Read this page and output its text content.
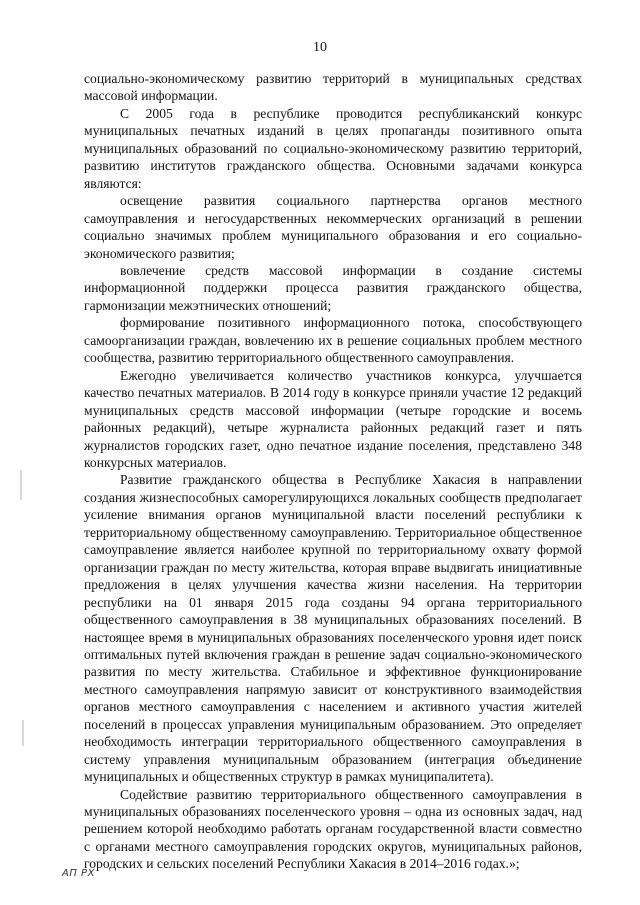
10

социально-экономическому развитию территорий в муниципальных средствах массовой информации.

С 2005 года в республике проводится республиканский конкурс муниципальных печатных изданий в целях пропаганды позитивного опыта муниципальных образований по социально-экономическому развитию территорий, развитию институтов гражданского общества. Основными задачами конкурса являются:

освещение развития социального партнерства органов местного самоуправления и негосударственных некоммерческих организаций в решении социально значимых проблем муниципального образования и его социально-экономического развития;

вовлечение средств массовой информации в создание системы информационной поддержки процесса развития гражданского общества, гармонизации межэтнических отношений;

формирование позитивного информационного потока, способствующего самоорганизации граждан, вовлечению их в решение социальных проблем местного сообщества, развитию территориального общественного самоуправления.

Ежегодно увеличивается количество участников конкурса, улучшается качество печатных материалов. В 2014 году в конкурсе приняли участие 12 редакций муниципальных средств массовой информации (четыре городские и восемь районных редакций), четыре журналиста районных редакций газет и пять журналистов городских газет, одно печатное издание поселения, представлено 348 конкурсных материалов.

Развитие гражданского общества в Республике Хакасия в направлении создания жизнеспособных саморегулирующихся локальных сообществ предполагает усиление внимания органов муниципальной власти поселений республики к территориальному общественному самоуправлению. Территориальное общественное самоуправление является наиболее крупной по территориальному охвату формой организации граждан по месту жительства, которая вправе выдвигать инициативные предложения в целях улучшения качества жизни населения. На территории республики на 01 января 2015 года созданы 94 органа территориального общественного самоуправления в 38 муниципальных образованиях поселений. В настоящее время в муниципальных образованиях поселенческого уровня идет поиск оптимальных путей включения граждан в решение задач социально-экономического развития по месту жительства. Стабильное и эффективное функционирование местного самоуправления напрямую зависит от конструктивного взаимодействия органов местного самоуправления с населением и активного участия жителей поселений в процессах управления муниципальным образованием. Это определяет необходимость интеграции территориального общественного самоуправления в систему управления муниципальным образованием (интеграция объединение муниципальных и общественных структур в рамках муниципалитета).

Содействие развитию территориального общественного самоуправления в муниципальных образованиях поселенческого уровня – одна из основных задач, над решением которой необходимо работать органам государственной власти совместно с органами местного самоуправления городских округов, муниципальных районов, городских и сельских поселений Республики Хакасия в 2014–2016 годах.»;

АП РХ
